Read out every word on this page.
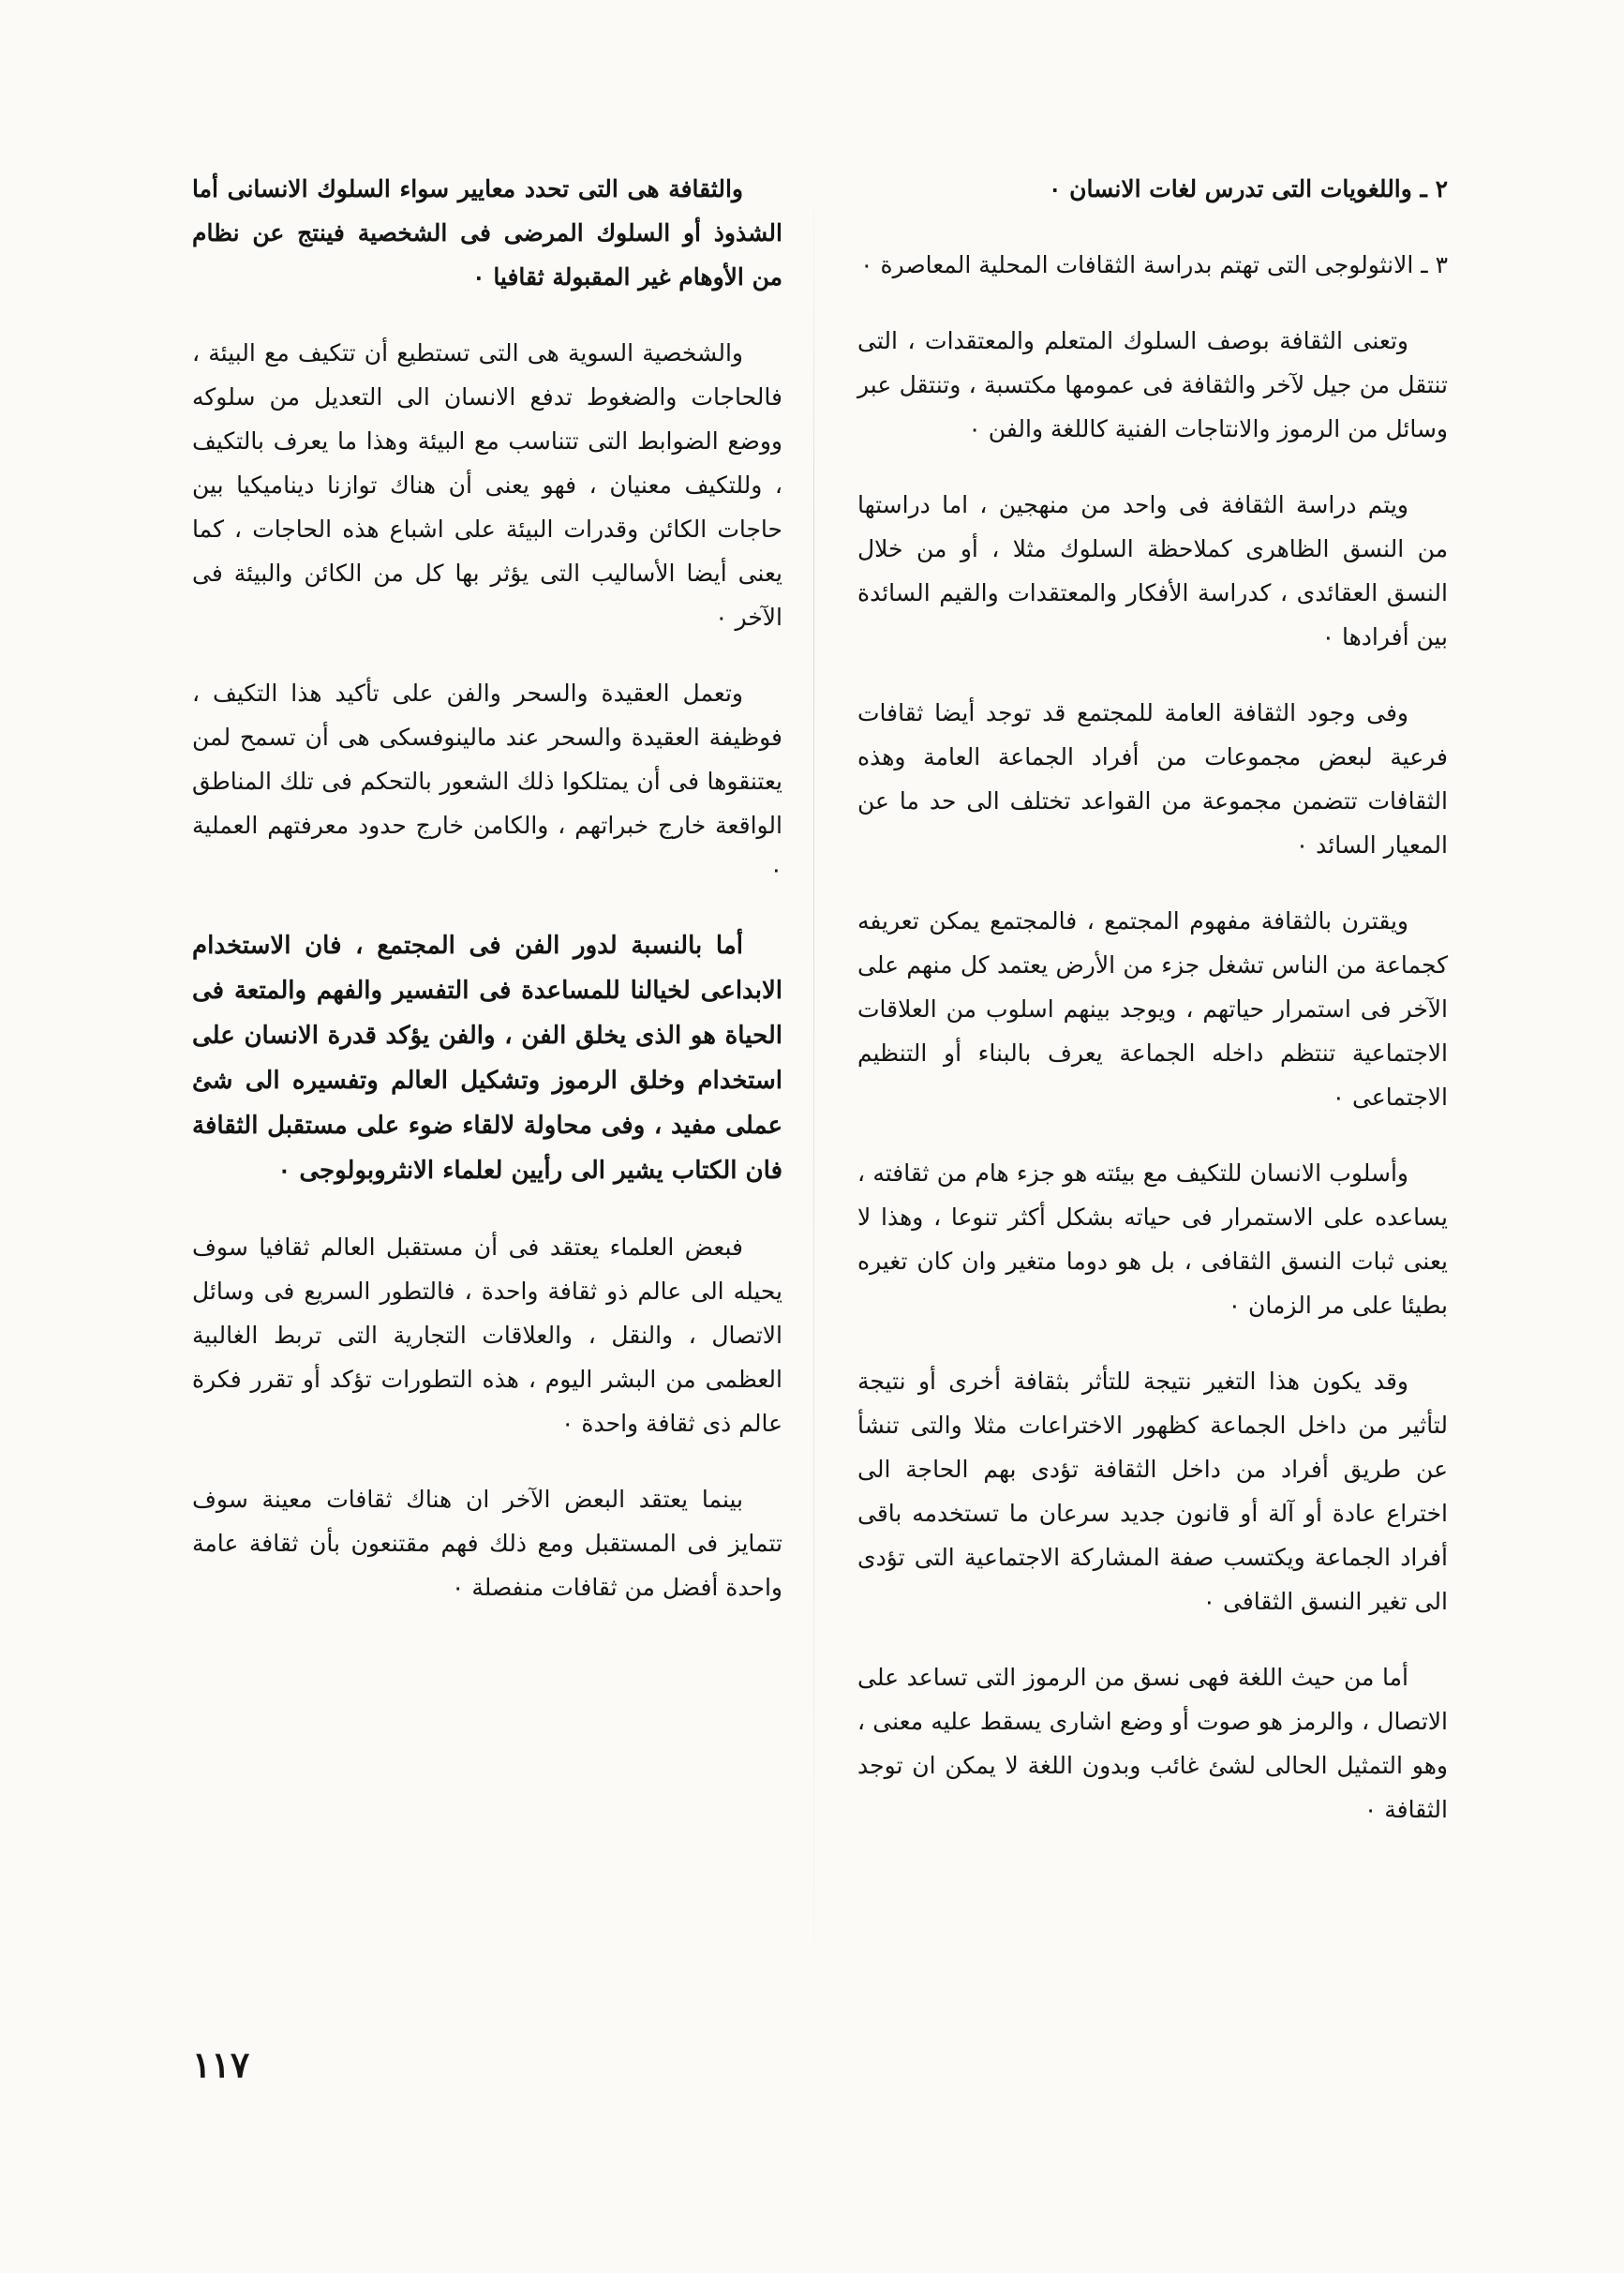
٢ ـ واللغويات التى تدرس لغات الانسان ٠

٣ ـ الانثولوجى التى تهتم بدراسة الثقافات المحلية المعاصرة ٠

وتعنى الثقافة بوصف السلوك المتعلم والمعتقدات ، التى تنتقل من جيل لآخر والثقافة فى عمومها مكتسبة ، وتنتقل عبر وسائل من الرموز والانتاجات الفنية كاللغة والفن ٠

ويتم دراسة الثقافة فى واحد من منهجين ، اما دراستها من النسق الظاهرى كملاحظة السلوك مثلا ، أو من خلال النسق العقائدى ، كدراسة الأفكار والمعتقدات والقيم السائدة بين أفرادها ٠

وفى وجود الثقافة العامة للمجتمع قد توجد أيضا ثقافات فرعية لبعض مجموعات من أفراد الجماعة العامة وهذه الثقافات تتضمن مجموعة من القواعد تختلف الى حد ما عن المعيار السائد ٠

ويقترن بالثقافة مفهوم المجتمع ، فالمجتمع يمكن تعريفه كجماعة من الناس تشغل جزء من الأرض يعتمد كل منهم على الآخر فى استمرار حياتهم ، ويوجد بينهم اسلوب من العلاقات الاجتماعية تنتظم داخله الجماعة يعرف بالبناء أو التنظيم الاجتماعى ٠

وأسلوب الانسان للتكيف مع بيئته هو جزء هام من ثقافته ، يساعده على الاستمرار فى حياته بشكل أكثر تنوعا ، وهذا لا يعنى ثبات النسق الثقافى ، بل هو دوما متغير وان كان تغيره بطيئا على مر الزمان ٠

وقد يكون هذا التغير نتيجة للتأثر بثقافة أخرى أو نتيجة لتأثير من داخل الجماعة كظهور الاختراعات مثلا والتى تنشأ عن طريق أفراد من داخل الثقافة تؤدى بهم الحاجة الى اختراع عادة أو آلة أو قانون جديد سرعان ما تستخدمه باقى أفراد الجماعة ويكتسب صفة المشاركة الاجتماعية التى تؤدى الى تغير النسق الثقافى ٠

أما من حيث اللغة فهى نسق من الرموز التى تساعد على الاتصال ، والرمز هو صوت أو وضع اشارى يسقط عليه معنى ، وهو التمثيل الحالى لشئ غائب وبدون اللغة لا يمكن ان توجد الثقافة ٠

والثقافة هى التى تحدد معايير سواء السلوك الانسانى أما الشذوذ أو السلوك المرضى فى الشخصية فينتج عن نظام من الأوهام غير المقبولة ثقافيا ٠

والشخصية السوية هى التى تستطيع أن تتكيف مع البيئة ، فالحاجات والضغوط تدفع الانسان الى التعديل من سلوكه ووضع الضوابط التى تتناسب مع البيئة وهذا ما يعرف بالتكيف ، وللتكيف معنيان ، فهو يعنى أن هناك توازنا ديناميكيا بين حاجات الكائن وقدرات البيئة على اشباع هذه الحاجات ، كما يعنى أيضا الأساليب التى يؤثر بها كل من الكائن والبيئة فى الآخر ٠

وتعمل العقيدة والسحر والفن على تأكيد هذا التكيف ، فوظيفة العقيدة والسحر عند مالينوفسكى هى أن تسمح لمن يعتنقوها فى أن يمتلكوا ذلك الشعور بالتحكم فى تلك المناطق الواقعة خارج خبراتهم ، والكامن خارج حدود معرفتهم العملية ٠

أما بالنسبة لدور الفن فى المجتمع ، فان الاستخدام الابداعى لخيالنا للمساعدة فى التفسير والفهم والمتعة فى الحياة هو الذى يخلق الفن ، والفن يؤكد قدرة الانسان على استخدام وخلق الرموز وتشكيل العالم وتفسيره الى شئ عملى مفيد ، وفى محاولة لالقاء ضوء على مستقبل الثقافة فان الكتاب يشير الى رأيين لعلماء الانثروبولوجى ٠

فبعض العلماء يعتقد فى أن مستقبل العالم ثقافيا سوف يحيله الى عالم ذو ثقافة واحدة ، فالتطور السريع فى وسائل الاتصال ، والنقل ، والعلاقات التجارية التى تربط الغالبية العظمى من البشر اليوم ، هذه التطورات تؤكد أو تقرر فكرة عالم ذى ثقافة واحدة ٠

بينما يعتقد البعض الآخر ان هناك ثقافات معينة سوف تتمايز فى المستقبل ومع ذلك فهم مقتنعون بأن ثقافة عامة واحدة أفضل من ثقافات منفصلة ٠

١١٧
